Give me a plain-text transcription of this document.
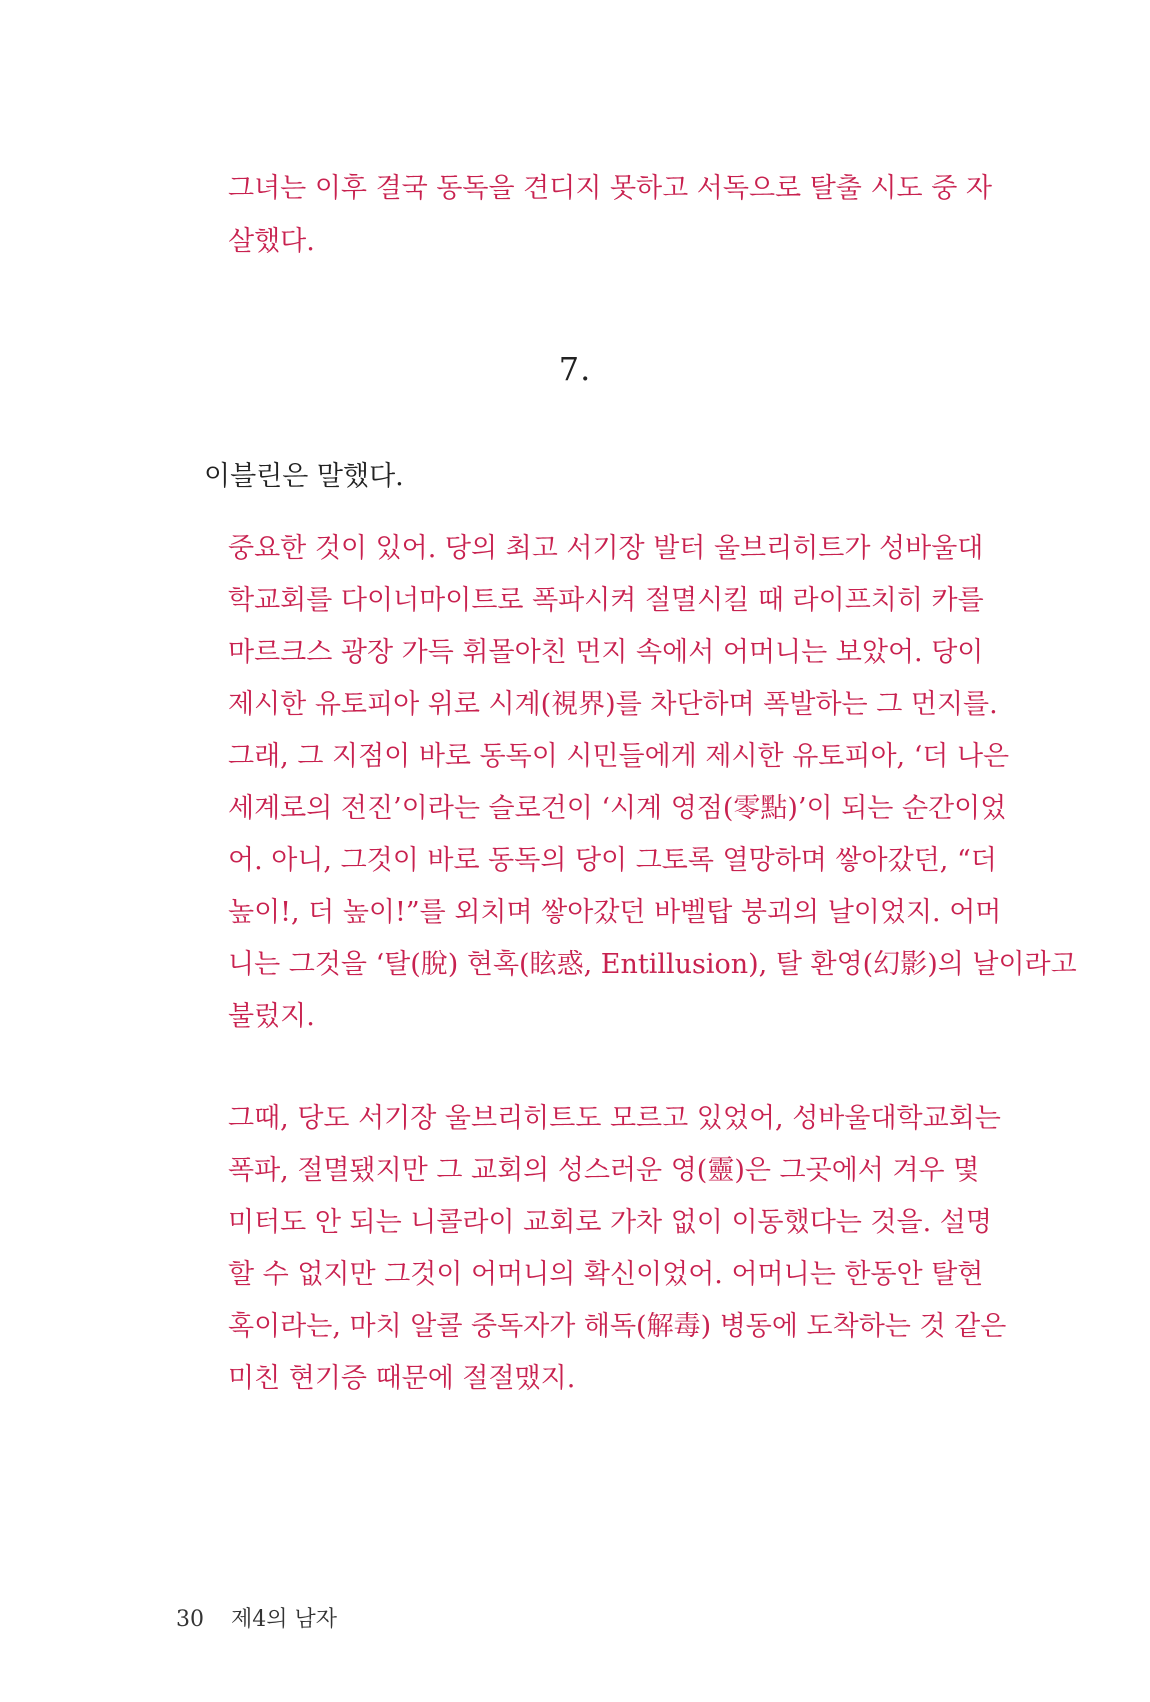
그녀는 이후 결국 동독을 견디지 못하고 서독으로 탈출 시도 중 자
살했다.
7.
이블린은 말했다.
중요한 것이 있어. 당의 최고 서기장 발터 울브리히트가 성바울대
학교회를 다이너마이트로 폭파시켜 절멸시킬 때 라이프치히 카를
마르크스 광장 가득 휘몰아친 먼지 속에서 어머니는 보았어. 당이
제시한 유토피아 위로 시계(視界)를 차단하며 폭발하는 그 먼지를.
그래, 그 지점이 바로 동독이 시민들에게 제시한 유토피아, ‘더 나은
세계로의 전진’이라는 슬로건이 ‘시계 영점(零點)’이 되는 순간이었
어. 아니, 그것이 바로 동독의 당이 그토록 열망하며 쌓아갔던, “더
높이!, 더 높이!”를 외치며 쌓아갔던 바벨탑 붕괴의 날이었지. 어머
니는 그것을 ‘탈(脫) 현혹(眩惑, Entillusion), 탈 환영(幻影)의 날이라고
불렀지.
그때, 당도 서기장 울브리히트도 모르고 있었어, 성바울대학교회는
폭파, 절멸됐지만 그 교회의 성스러운 영(靈)은 그곳에서 겨우 몇
미터도 안 되는 니콜라이 교회로 가차 없이 이동했다는 것을. 설명
할 수 없지만 그것이 어머니의 확신이었어. 어머니는 한동안 탈현
혹이라는, 마치 알콜 중독자가 해독(解毒) 병동에 도착하는 것 같은
미친 현기증 때문에 절절맸지.
30 제4의 남자
